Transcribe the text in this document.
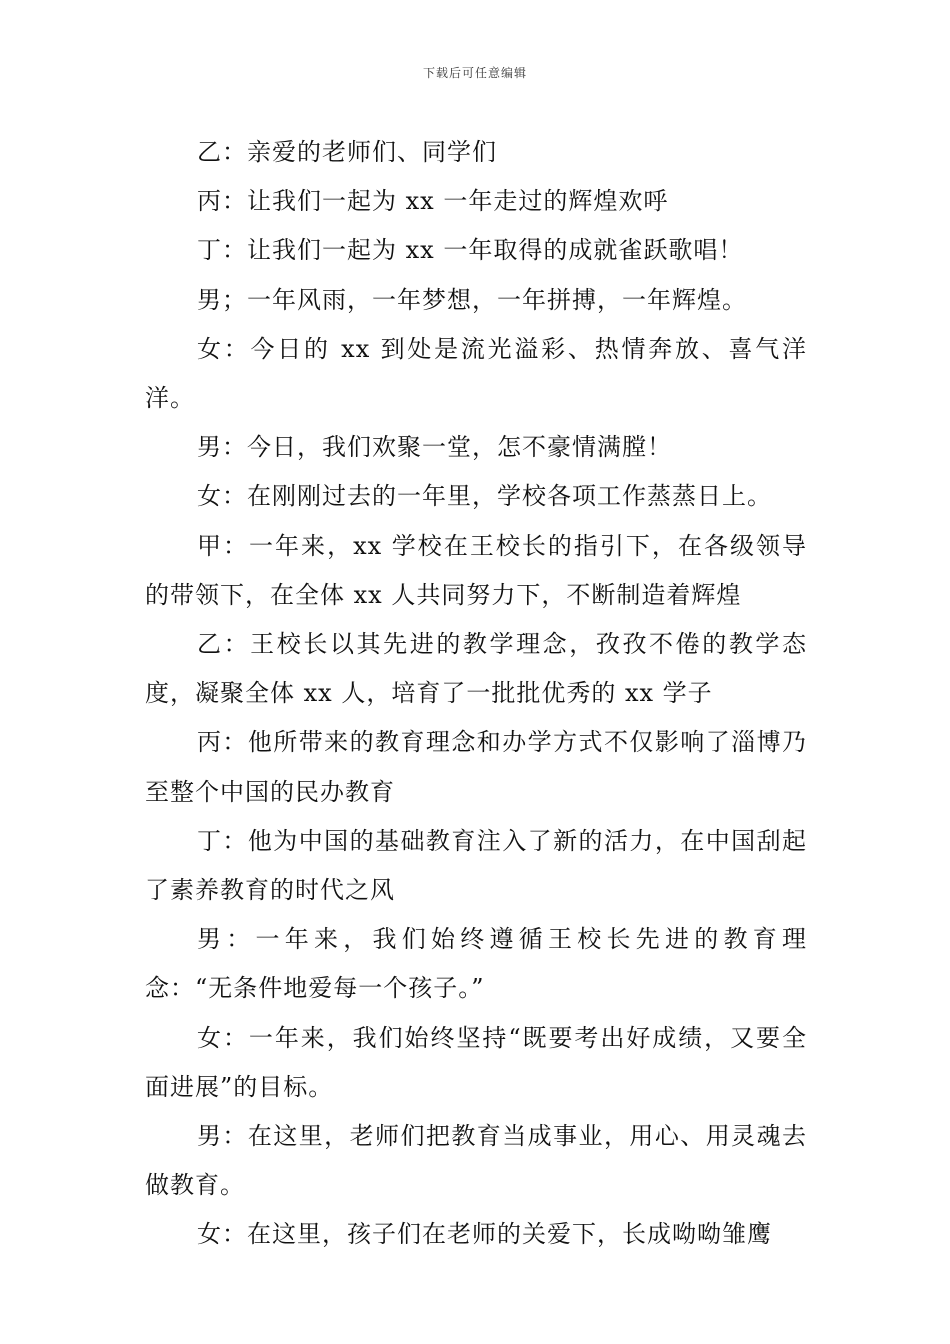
下载后可任意编辑

乙：亲爱的老师们、同学们

丙：让我们一起为 xx 一年走过的辉煌欢呼

丁：让我们一起为 xx 一年取得的成就雀跃歌唱！

男；一年风雨，一年梦想，一年拼搏，一年辉煌。

女：今日的 xx 到处是流光溢彩、热情奔放、喜气洋洋。

男：今日，我们欢聚一堂，怎不豪情满膛！

女：在刚刚过去的一年里，学校各项工作蒸蒸日上。

甲：一年来，xx 学校在王校长的指引下，在各级领导的带领下，在全体 xx 人共同努力下，不断制造着辉煌

乙：王校长以其先进的教学理念，孜孜不倦的教学态度，凝聚全体 xx 人，培育了一批批优秀的 xx 学子

丙：他所带来的教育理念和办学方式不仅影响了淄博乃至整个中国的民办教育

丁：他为中国的基础教育注入了新的活力，在中国刮起了素养教育的时代之风

男：一年来，我们始终遵循王校长先进的教育理念：“无条件地爱每一个孩子。”

女：一年来，我们始终坚持“既要考出好成绩，又要全面进展”的目标。

男：在这里，老师们把教育当成事业，用心、用灵魂去做教育。

女：在这里，孩子们在老师的关爱下，长成呦呦雏鹰
